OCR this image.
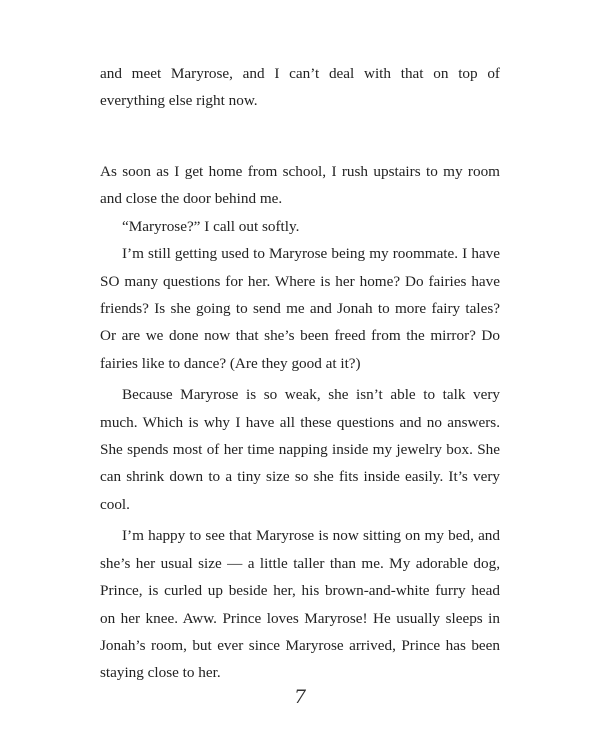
and meet Maryrose, and I can’t deal with that on top of everything else right now.

As soon as I get home from school, I rush upstairs to my room and close the door behind me.

“Maryrose?” I call out softly.

I’m still getting used to Maryrose being my roommate. I have SO many questions for her. Where is her home? Do fairies have friends? Is she going to send me and Jonah to more fairy tales? Or are we done now that she’s been freed from the mirror? Do fairies like to dance? (Are they good at it?)

Because Maryrose is so weak, she isn’t able to talk very much. Which is why I have all these questions and no answers. She spends most of her time napping inside my jewelry box. She can shrink down to a tiny size so she fits inside easily. It’s very cool.

I’m happy to see that Maryrose is now sitting on my bed, and she’s her usual size — a little taller than me. My adorable dog, Prince, is curled up beside her, his brown-and-white furry head on her knee. Aww. Prince loves Maryrose! He usually sleeps in Jonah’s room, but ever since Maryrose arrived, Prince has been staying close to her.

7
